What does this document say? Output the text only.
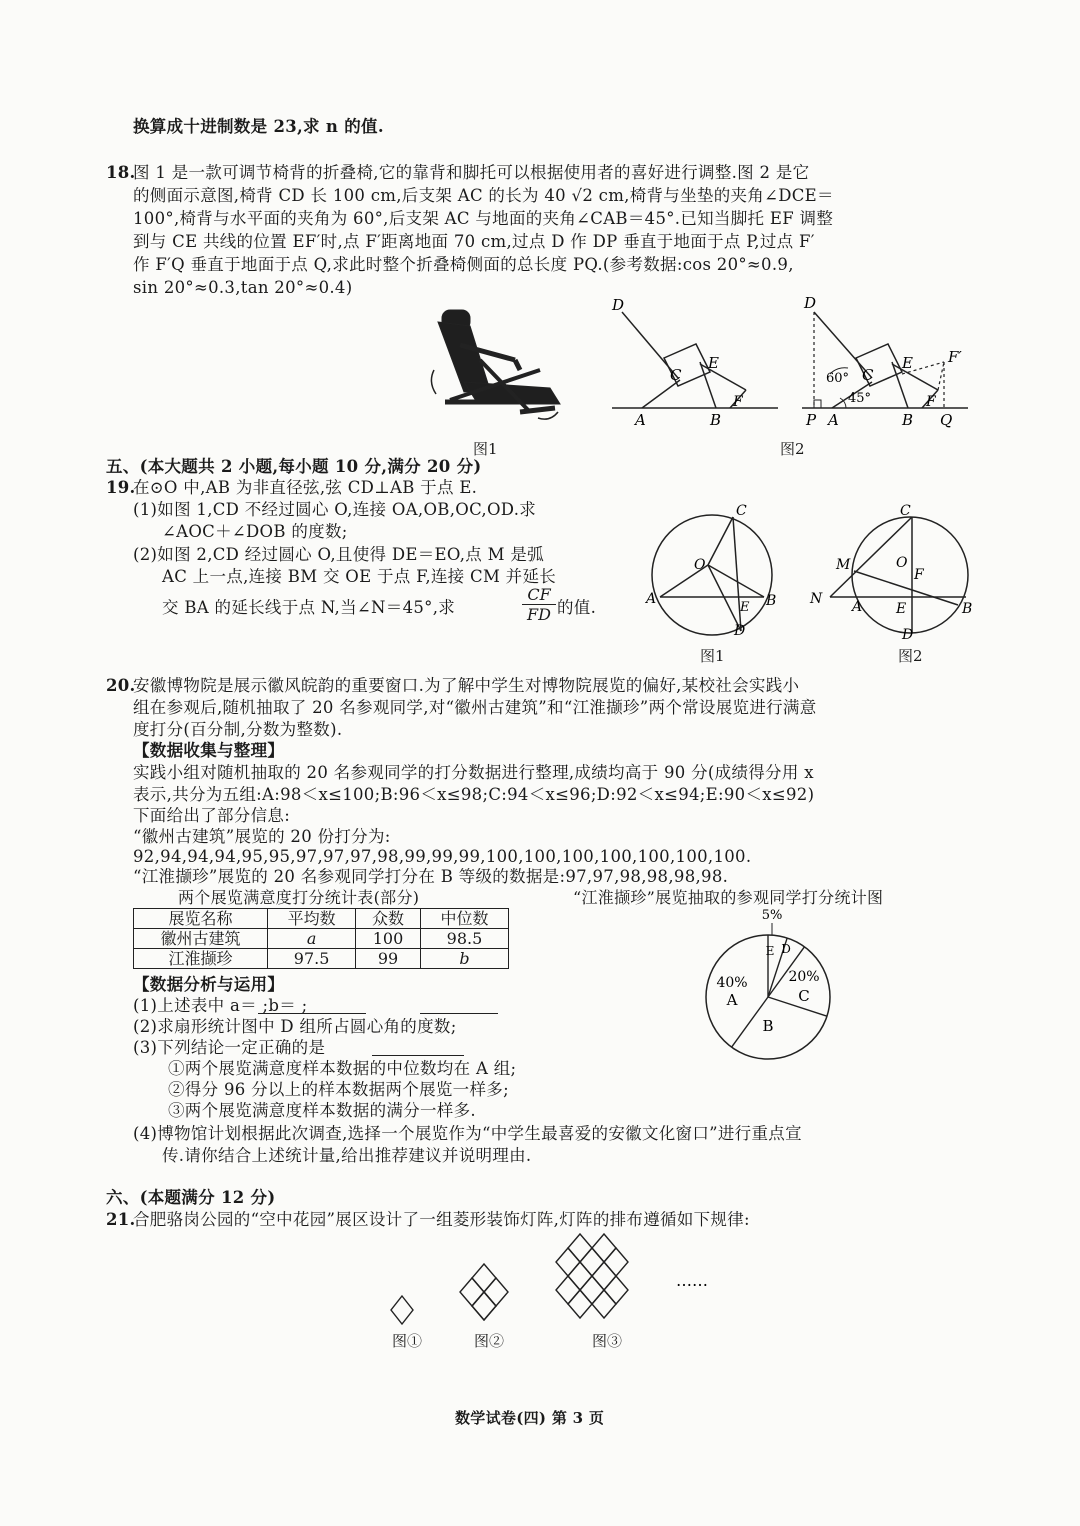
换算成十进制数是 23,求 n 的值.
18.
图 1 是一款可调节椅背的折叠椅,它的靠背和脚托可以根据使用者的喜好进行调整.图 2 是它
的侧面示意图,椅背 CD 长 100 cm,后支架 AC 的长为 40 √2 cm,椅背与坐垫的夹角∠DCE＝
100°,椅背与水平面的夹角为 60°,后支架 AC 与地面的夹角∠CAB＝45°.已知当脚托 EF 调整
到与 CE 共线的位置 EF′时,点 F′距离地面 70 cm,过点 D 作 DP 垂直于地面于点 P,过点 F′
作 F′Q 垂直于地面于点 Q,求此时整个折叠椅侧面的总长度 PQ.(参考数据:cos 20°≈0.9,
sin 20°≈0.3,tan 20°≈0.4)
图1
D
C
E
A	B
F
D
60° C
45°
E F′
P A	B
F
Q
图2
五、(本大题共 2 小题,每小题 10 分,满分 20 分)
19.
在⊙O 中,AB 为非直径弦,弦 CD⊥AB 于点 E.
(1)如图 1,CD 不经过圆心 O,连接 OA,OB,OC,OD.求
∠AOC＋∠DOB 的度数;
(2)如图 2,CD 经过圆心 O,且使得 DE＝EO,点 M 是弧
AC 上一点,连接 BM 交 OE 于点 F,连接 CM 并延长
交 BA 的延长线于点 N,当∠N＝45°,求	$\frac{CF}{FD}$ 的值.
O
C
A	B
E
D
图1
C
M	O
F
N A E	B
D
图2
20.
安徽博物院是展示徽风皖韵的重要窗口.为了解中学生对博物院展览的偏好,某校社会实践小
组在参观后,随机抽取了 20 名参观同学,对“徽州古建筑”和“江淮撷珍”两个常设展览进行满意
度打分(百分制,分数为整数).
【数据收集与整理】
实践小组对随机抽取的 20 名参观同学的打分数据进行整理,成绩均高于 90 分(成绩得分用 x
表示,共分为五组:A:98＜x≤100;B:96＜x≤98;C:94＜x≤96;D:92＜x≤94;E:90＜x≤92)
下面给出了部分信息:
“徽州古建筑”展览的 20 份打分为:
92,94,94,94,95,95,97,97,97,98,99,99,99,100,100,100,100,100,100,100.
“江淮撷珍”展览的 20 名参观同学打分在 B 等级的数据是:97,97,98,98,98,98.
两个展览满意度打分统计表(部分)	“江淮撷珍”展览抽取的参观同学打分统计图
展览名称	平均数	众数	中位数
徽州古建筑	a	100	98.5
江淮撷珍	97.5	99	b
【数据分析与运用】
(1)上述表中 a＝ ;b＝ ;
(2)求扇形统计图中 D 组所占圆心角的度数;
(3)下列结论一定正确的是
①两个展览满意度样本数据的中位数均在 A 组;
②得分 96 分以上的样本数据两个展览一样多;
③两个展览满意度样本数据的满分一样多.
(4)博物馆计划根据此次调查,选择一个展览作为“中学生最喜爱的安徽文化窗口”进行重点宣
传.请你结合上述统计量,给出推荐建议并说明理由.
5%
40%
A
B
20%
C
D
E
六、(本题满分 12 分)
21.
合肥骆岗公园的“空中花园”展区设计了一组菱形装饰灯阵,灯阵的排布遵循如下规律:
……
图①	图②	图③
数学试卷(四) 第 3 页
